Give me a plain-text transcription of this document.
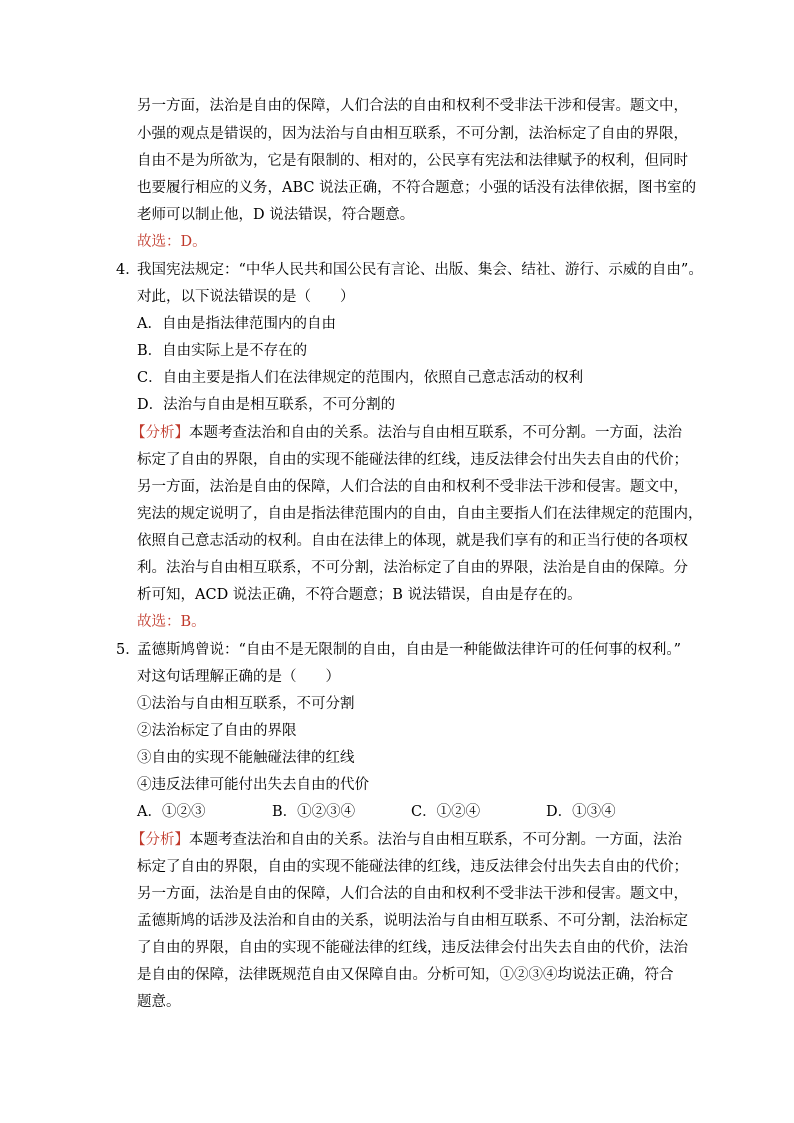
另一方面，法治是自由的保障，人们合法的自由和权利不受非法干涉和侵害。题文中，
小强的观点是错误的，因为法治与自由相互联系，不可分割，法治标定了自由的界限，
自由不是为所欲为，它是有限制的、相对的，公民享有宪法和法律赋予的权利，但同时
也要履行相应的义务，ABC 说法正确，不符合题意；小强的话没有法律依据，图书室的
老师可以制止他，D 说法错误，符合题意。
故选：D。
4．
我国宪法规定：“中华人民共和国公民有言论、出版、集会、结社、游行、示威的自由”。
对此，以下说法错误的是（　　）
A．自由是指法律范围内的自由
B．自由实际上是不存在的
C．自由主要是指人们在法律规定的范围内，依照自己意志活动的权利
D．法治与自由是相互联系，不可分割的
【分析】本题考查法治和自由的关系。法治与自由相互联系，不可分割。一方面，法治
标定了自由的界限，自由的实现不能碰法律的红线，违反法律会付出失去自由的代价；
另一方面，法治是自由的保障，人们合法的自由和权利不受非法干涉和侵害。题文中，
宪法的规定说明了，自由是指法律范围内的自由，自由主要指人们在法律规定的范围内，
依照自己意志活动的权利。自由在法律上的体现，就是我们享有的和正当行使的各项权
利。法治与自由相互联系，不可分割，法治标定了自由的界限，法治是自由的保障。分
析可知，ACD 说法正确，不符合题意；B 说法错误，自由是存在的。
故选：B。
5．
孟德斯鸠曾说：“自由不是无限制的自由，自由是一种能做法律许可的任何事的权利。”
对这句话理解正确的是（　　）
①法治与自由相互联系，不可分割
②法治标定了自由的界限
③自由的实现不能触碰法律的红线
④违反法律可能付出失去自由的代价
A．①②③	B．①②③④	C．①②④	D．①③④
【分析】本题考查法治和自由的关系。法治与自由相互联系，不可分割。一方面，法治
标定了自由的界限，自由的实现不能碰法律的红线，违反法律会付出失去自由的代价；
另一方面，法治是自由的保障，人们合法的自由和权利不受非法干涉和侵害。题文中，
孟德斯鸠的话涉及法治和自由的关系，说明法治与自由相互联系、不可分割，法治标定
了自由的界限，自由的实现不能碰法律的红线，违反法律会付出失去自由的代价，法治
是自由的保障，法律既规范自由又保障自由。分析可知，①②③④均说法正确，符合
题意。
